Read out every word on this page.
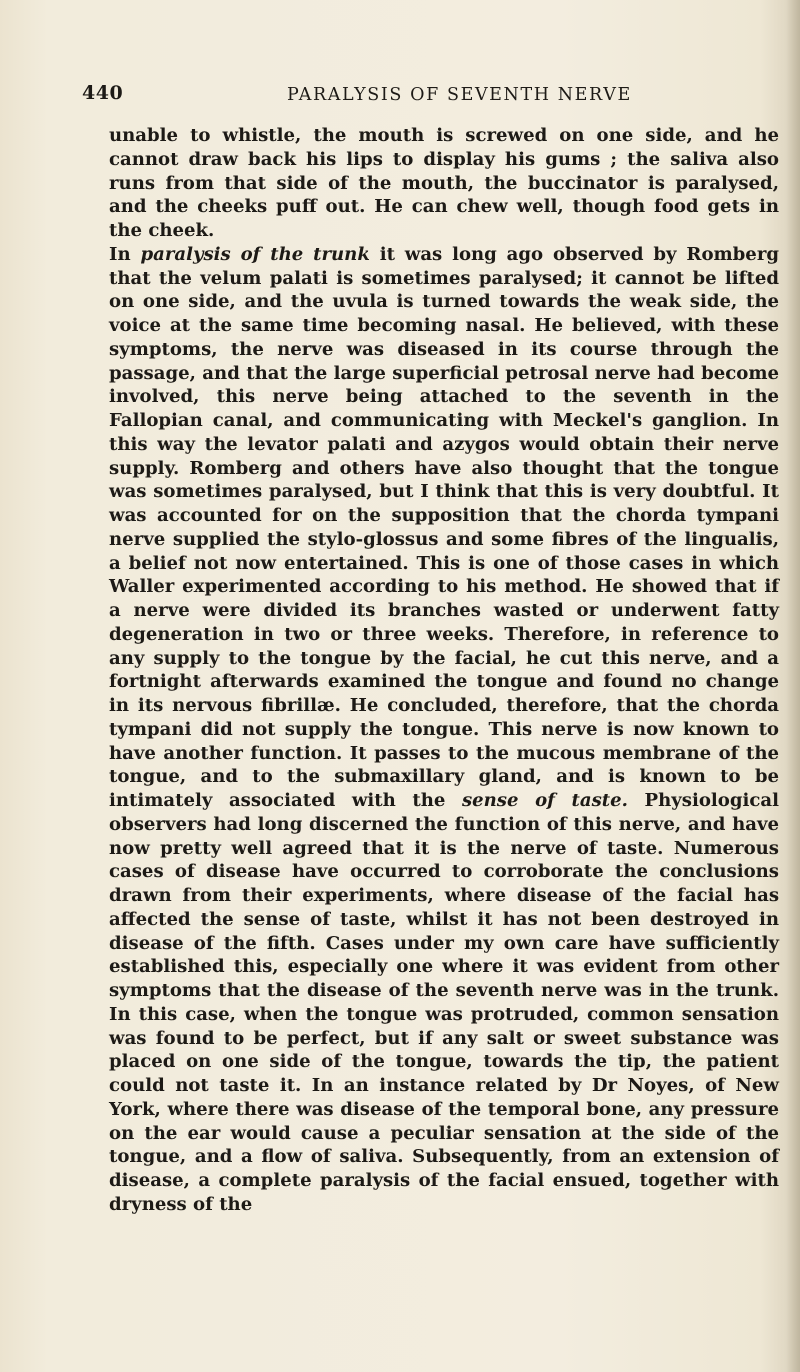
440	PARALYSIS OF SEVENTH NERVE

unable to whistle, the mouth is screwed on one side, and he cannot draw back his lips to display his gums ; the saliva also runs from that side of the mouth, the buccinator is paralysed, and the cheeks puff out. He can chew well, though food gets in the cheek.

In paralysis of the trunk it was long ago observed by Romberg that the velum palati is sometimes paralysed; it cannot be lifted on one side, and the uvula is turned towards the weak side, the voice at the same time becoming nasal. He believed, with these symptoms, the nerve was diseased in its course through the passage, and that the large superficial petrosal nerve had become involved, this nerve being attached to the seventh in the Fallopian canal, and communicating with Meckel's ganglion. In this way the levator palati and azygos would obtain their nerve supply. Romberg and others have also thought that the tongue was sometimes paralysed, but I think that this is very doubtful. It was accounted for on the supposition that the chorda tympani nerve supplied the stylo-glossus and some fibres of the lingualis, a belief not now entertained. This is one of those cases in which Waller experimented according to his method. He showed that if a nerve were divided its branches wasted or underwent fatty degeneration in two or three weeks. Therefore, in reference to any supply to the tongue by the facial, he cut this nerve, and a fortnight afterwards examined the tongue and found no change in its nervous fibrillæ. He concluded, therefore, that the chorda tympani did not supply the tongue. This nerve is now known to have another function. It passes to the mucous membrane of the tongue, and to the submaxillary gland, and is known to be intimately associated with the sense of taste. Physiological observers had long discerned the function of this nerve, and have now pretty well agreed that it is the nerve of taste. Numerous cases of disease have occurred to corroborate the conclusions drawn from their experiments, where disease of the facial has affected the sense of taste, whilst it has not been destroyed in disease of the fifth. Cases under my own care have sufficiently established this, especially one where it was evident from other symptoms that the disease of the seventh nerve was in the trunk. In this case, when the tongue was protruded, common sensation was found to be perfect, but if any salt or sweet substance was placed on one side of the tongue, towards the tip, the patient could not taste it. In an instance related by Dr Noyes, of New York, where there was disease of the temporal bone, any pressure on the ear would cause a peculiar sensation at the side of the tongue, and a flow of saliva. Subsequently, from an extension of disease, a complete paralysis of the facial ensued, together with dryness of the
